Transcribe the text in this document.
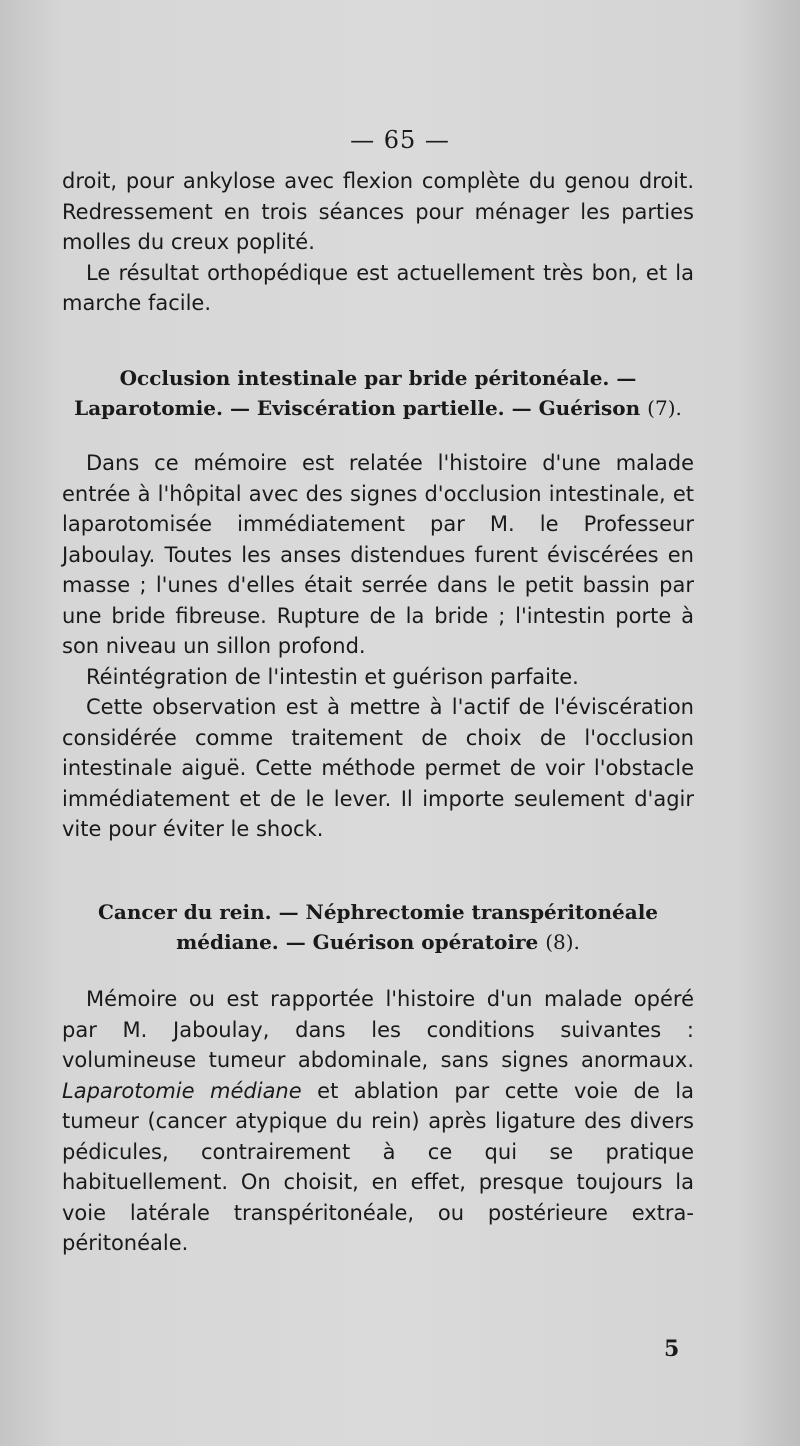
— 65 —

droit, pour ankylose avec flexion complète du genou droit. Redressement en trois séances pour ménager les parties molles du creux poplité.

Le résultat orthopédique est actuellement très bon, et la marche facile.

Occlusion intestinale par bride péritonéale. — Laparotomie. — Eviscération partielle. — Guérison (7).

Dans ce mémoire est relatée l'histoire d'une malade entrée à l'hôpital avec des signes d'occlusion intestinale, et laparotomisée immédiatement par M. le Professeur Jaboulay. Toutes les anses distendues furent éviscérées en masse ; l'unes d'elles était serrée dans le petit bassin par une bride fibreuse. Rupture de la bride ; l'intestin porte à son niveau un sillon profond.

Réintégration de l'intestin et guérison parfaite.

Cette observation est à mettre à l'actif de l'éviscération considérée comme traitement de choix de l'occlusion intestinale aiguë. Cette méthode permet de voir l'obstacle immédiatement et de le lever. Il importe seulement d'agir vite pour éviter le shock.

Cancer du rein. — Néphrectomie transpéritonéale médiane. — Guérison opératoire (8).

Mémoire ou est rapportée l'histoire d'un malade opéré par M. Jaboulay, dans les conditions suivantes : volumineuse tumeur abdominale, sans signes anormaux. Laparotomie médiane et ablation par cette voie de la tumeur (cancer atypique du rein) après ligature des divers pédicules, contrairement à ce qui se pratique habituellement. On choisit, en effet, presque toujours la voie latérale transpéritonéale, ou postérieure extra-péritonéale.

5
